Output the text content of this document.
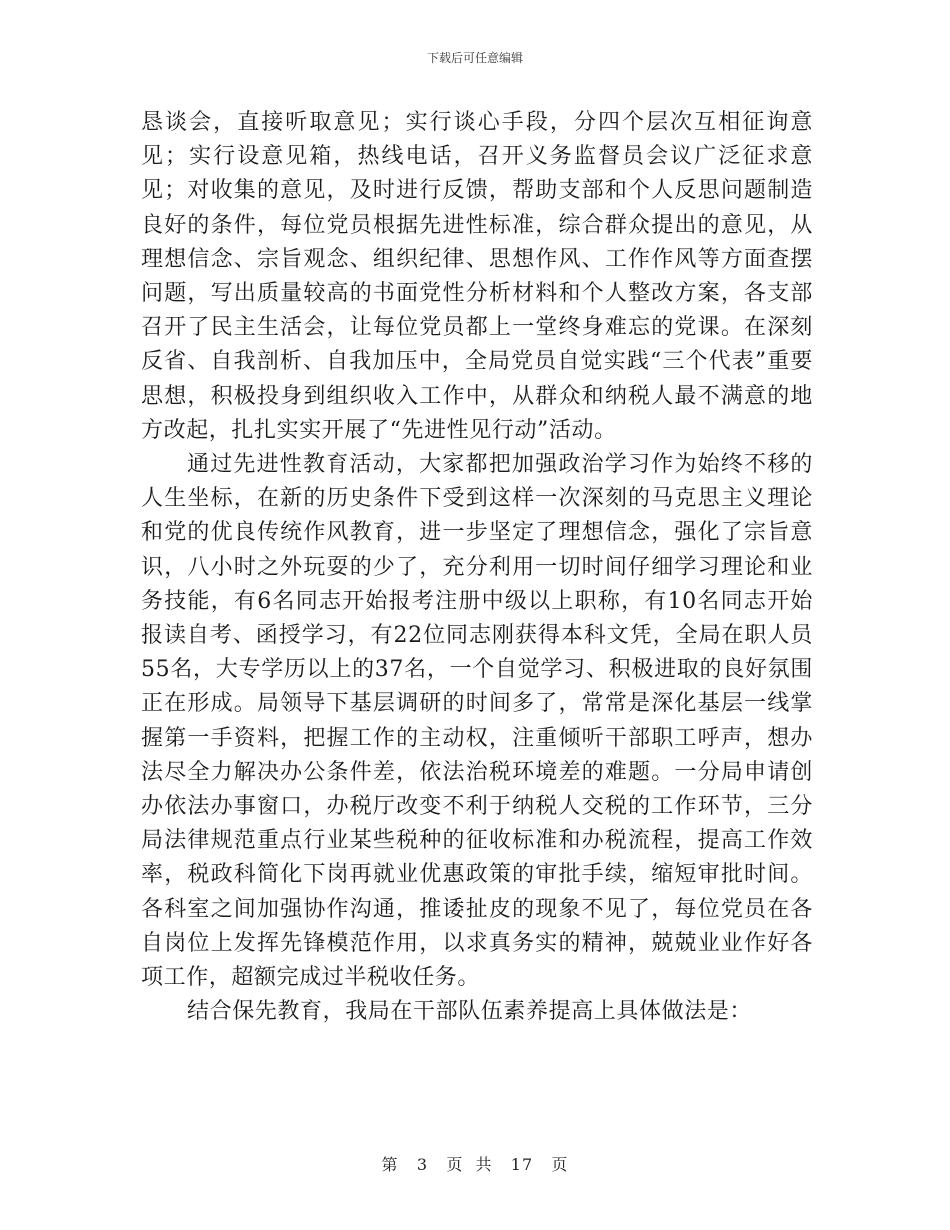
下载后可任意编辑

恳谈会，直接听取意见；实行谈心手段，分四个层次互相征询意见；实行设意见箱，热线电话，召开义务监督员会议广泛征求意见；对收集的意见，及时进行反馈，帮助支部和个人反思问题制造良好的条件，每位党员根据先进性标准，综合群众提出的意见，从理想信念、宗旨观念、组织纪律、思想作风、工作作风等方面查摆问题，写出质量较高的书面党性分析材料和个人整改方案，各支部召开了民主生活会，让每位党员都上一堂终身难忘的党课。在深刻反省、自我剖析、自我加压中，全局党员自觉实践“三个代表”重要思想，积极投身到组织收入工作中，从群众和纳税人最不满意的地方改起，扎扎实实开展了“先进性见行动”活动。

通过先进性教育活动，大家都把加强政治学习作为始终不移的人生坐标，在新的历史条件下受到这样一次深刻的马克思主义理论和党的优良传统作风教育，进一步坚定了理想信念，强化了宗旨意识，八小时之外玩耍的少了，充分利用一切时间仔细学习理论和业务技能，有6名同志开始报考注册中级以上职称，有10名同志开始报读自考、函授学习，有22位同志刚获得本科文凭，全局在职人员55名，大专学历以上的37名，一个自觉学习、积极进取的良好氛围正在形成。局领导下基层调研的时间多了，常常是深化基层一线掌握第一手资料，把握工作的主动权，注重倾听干部职工呼声，想办法尽全力解决办公条件差，依法治税环境差的难题。一分局申请创办依法办事窗口，办税厅改变不利于纳税人交税的工作环节，三分局法律规范重点行业某些税种的征收标准和办税流程，提高工作效率，税政科简化下岗再就业优惠政策的审批手续，缩短审批时间。各科室之间加强协作沟通，推诿扯皮的现象不见了，每位党员在各自岗位上发挥先锋模范作用，以求真务实的精神，兢兢业业作好各项工作，超额完成过半税收任务。

结合保先教育，我局在干部队伍素养提高上具体做法是：

第 3 页  共 17 页
